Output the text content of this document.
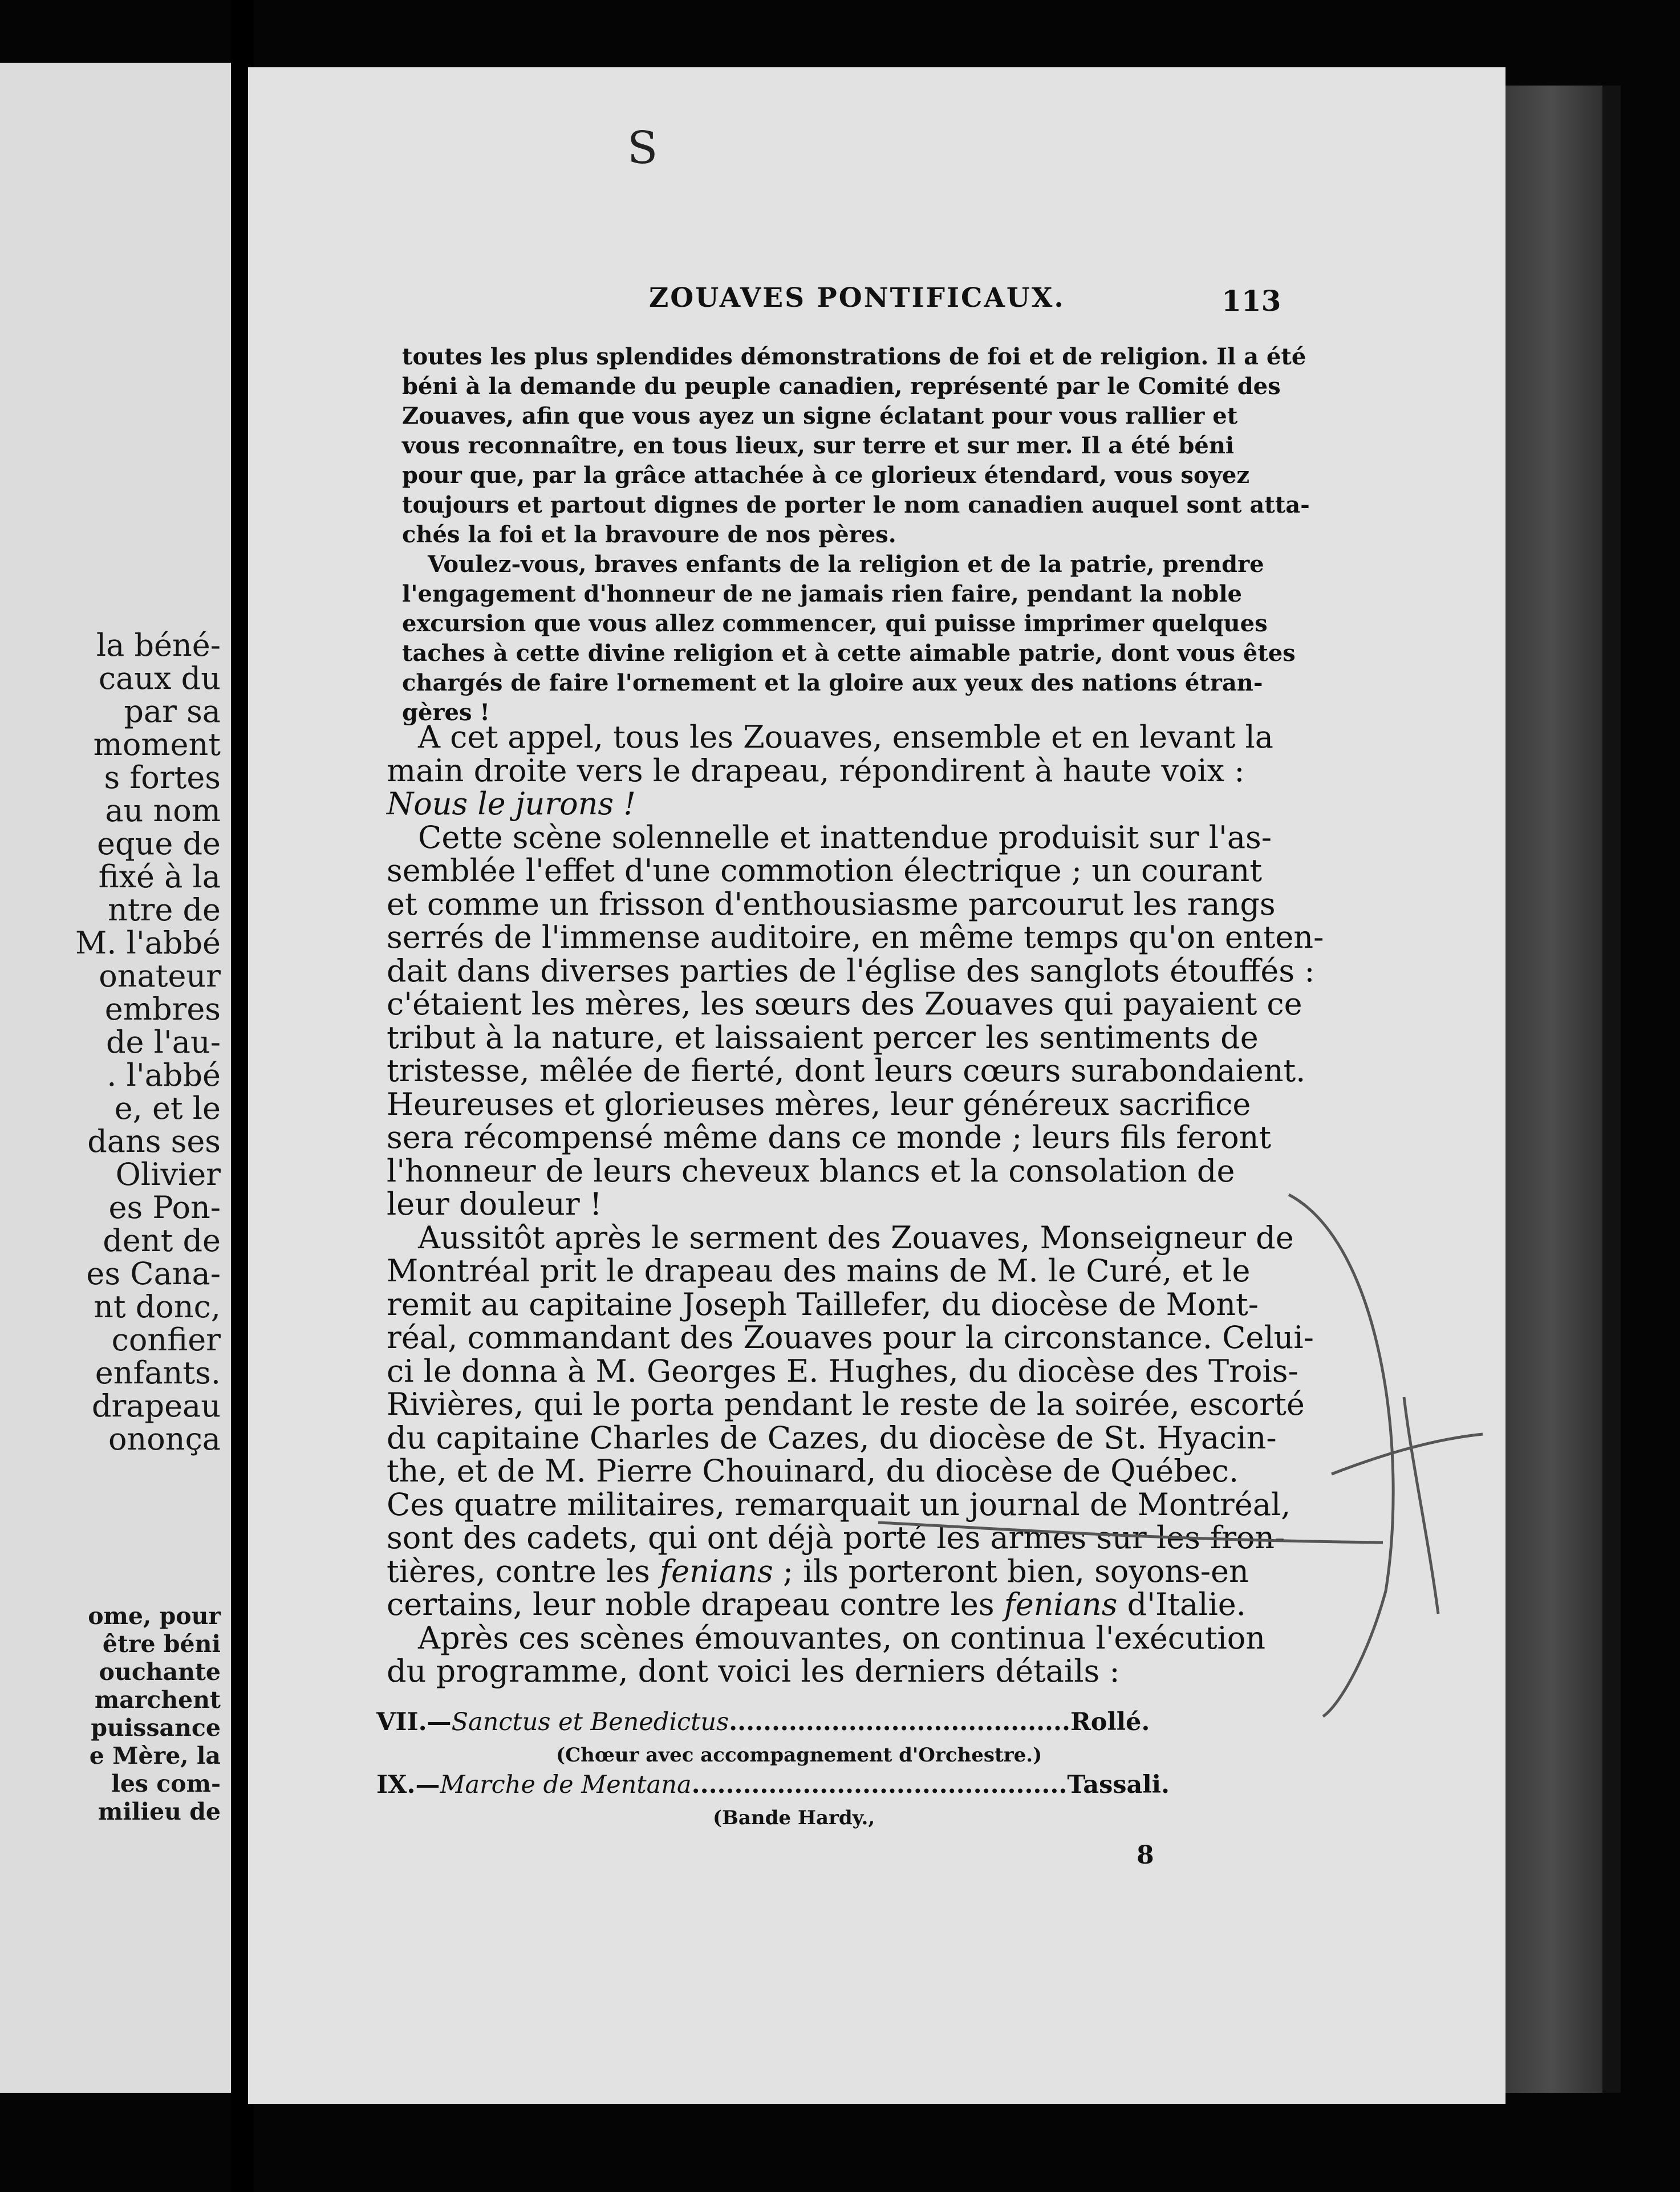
la béné-
caux du
par sa
moment
s fortes
au nom
eque de
fixé à la
ntre de
M. l'abbé
onateur
embres
de l'au-
. l'abbé
e, et le
dans ses
Olivier
es Pon-
dent de
es Cana-
nt donc,
confier
enfants.
drapeau
ononça
ome, pour
être béni
ouchante
marchent
puissance
e Mère, la
les com-
milieu de
ZOUAVES PONTIFICAUX.	113
S
toutes les plus splendides démonstrations de foi et de religion. Il a été
béni à la demande du peuple canadien, représenté par le Comité des
Zouaves, afin que vous ayez un signe éclatant pour vous rallier et
vous reconnaître, en tous lieux, sur terre et sur mer. Il a été béni
pour que, par la grâce attachée à ce glorieux étendard, vous soyez
toujours et partout dignes de porter le nom canadien auquel sont atta-
chés la foi et la bravoure de nos pères.
Voulez-vous, braves enfants de la religion et de la patrie, prendre
l'engagement d'honneur de ne jamais rien faire, pendant la noble
excursion que vous allez commencer, qui puisse imprimer quelques
taches à cette divine religion et à cette aimable patrie, dont vous êtes
chargés de faire l'ornement et la gloire aux yeux des nations étran-
gères !
A cet appel, tous les Zouaves, ensemble et en levant la
main droite vers le drapeau, répondirent à haute voix :
Nous le jurons !
Cette scène solennelle et inattendue produisit sur l'as-
semblée l'effet d'une commotion électrique ; un courant
et comme un frisson d'enthousiasme parcourut les rangs
serrés de l'immense auditoire, en même temps qu'on enten-
dait dans diverses parties de l'église des sanglots étouffés :
c'étaient les mères, les sœurs des Zouaves qui payaient ce
tribut à la nature, et laissaient percer les sentiments de
tristesse, mêlée de fierté, dont leurs cœurs surabondaient.
Heureuses et glorieuses mères, leur généreux sacrifice
sera récompensé même dans ce monde ; leurs fils feront
l'honneur de leurs cheveux blancs et la consolation de
leur douleur !
Aussitôt après le serment des Zouaves, Monseigneur de
Montréal prit le drapeau des mains de M. le Curé, et le
remit au capitaine Joseph Taillefer, du diocèse de Mont-
réal, commandant des Zouaves pour la circonstance. Celui-
ci le donna à M. Georges E. Hughes, du diocèse des Trois-
Rivières, qui le porta pendant le reste de la soirée, escorté
du capitaine Charles de Cazes, du diocèse de St. Hyacin-
the, et de M. Pierre Chouinard, du diocèse de Québec.
Ces quatre militaires, remarquait un journal de Montréal,
sont des cadets, qui ont déjà porté les armes sur les fron-
tières, contre les fenians ; ils porteront bien, soyons-en
certains, leur noble drapeau contre les fenians d'Italie.
Après ces scènes émouvantes, on continua l'exécution
du programme, dont voici les derniers détails :
VII.—Sanctus et Benedictus........................................Rollé.
(Chœur avec accompagnement d'Orchestre.)
IX.—Marche de Mentana............................................Tassali.
(Bande Hardy.,
8
